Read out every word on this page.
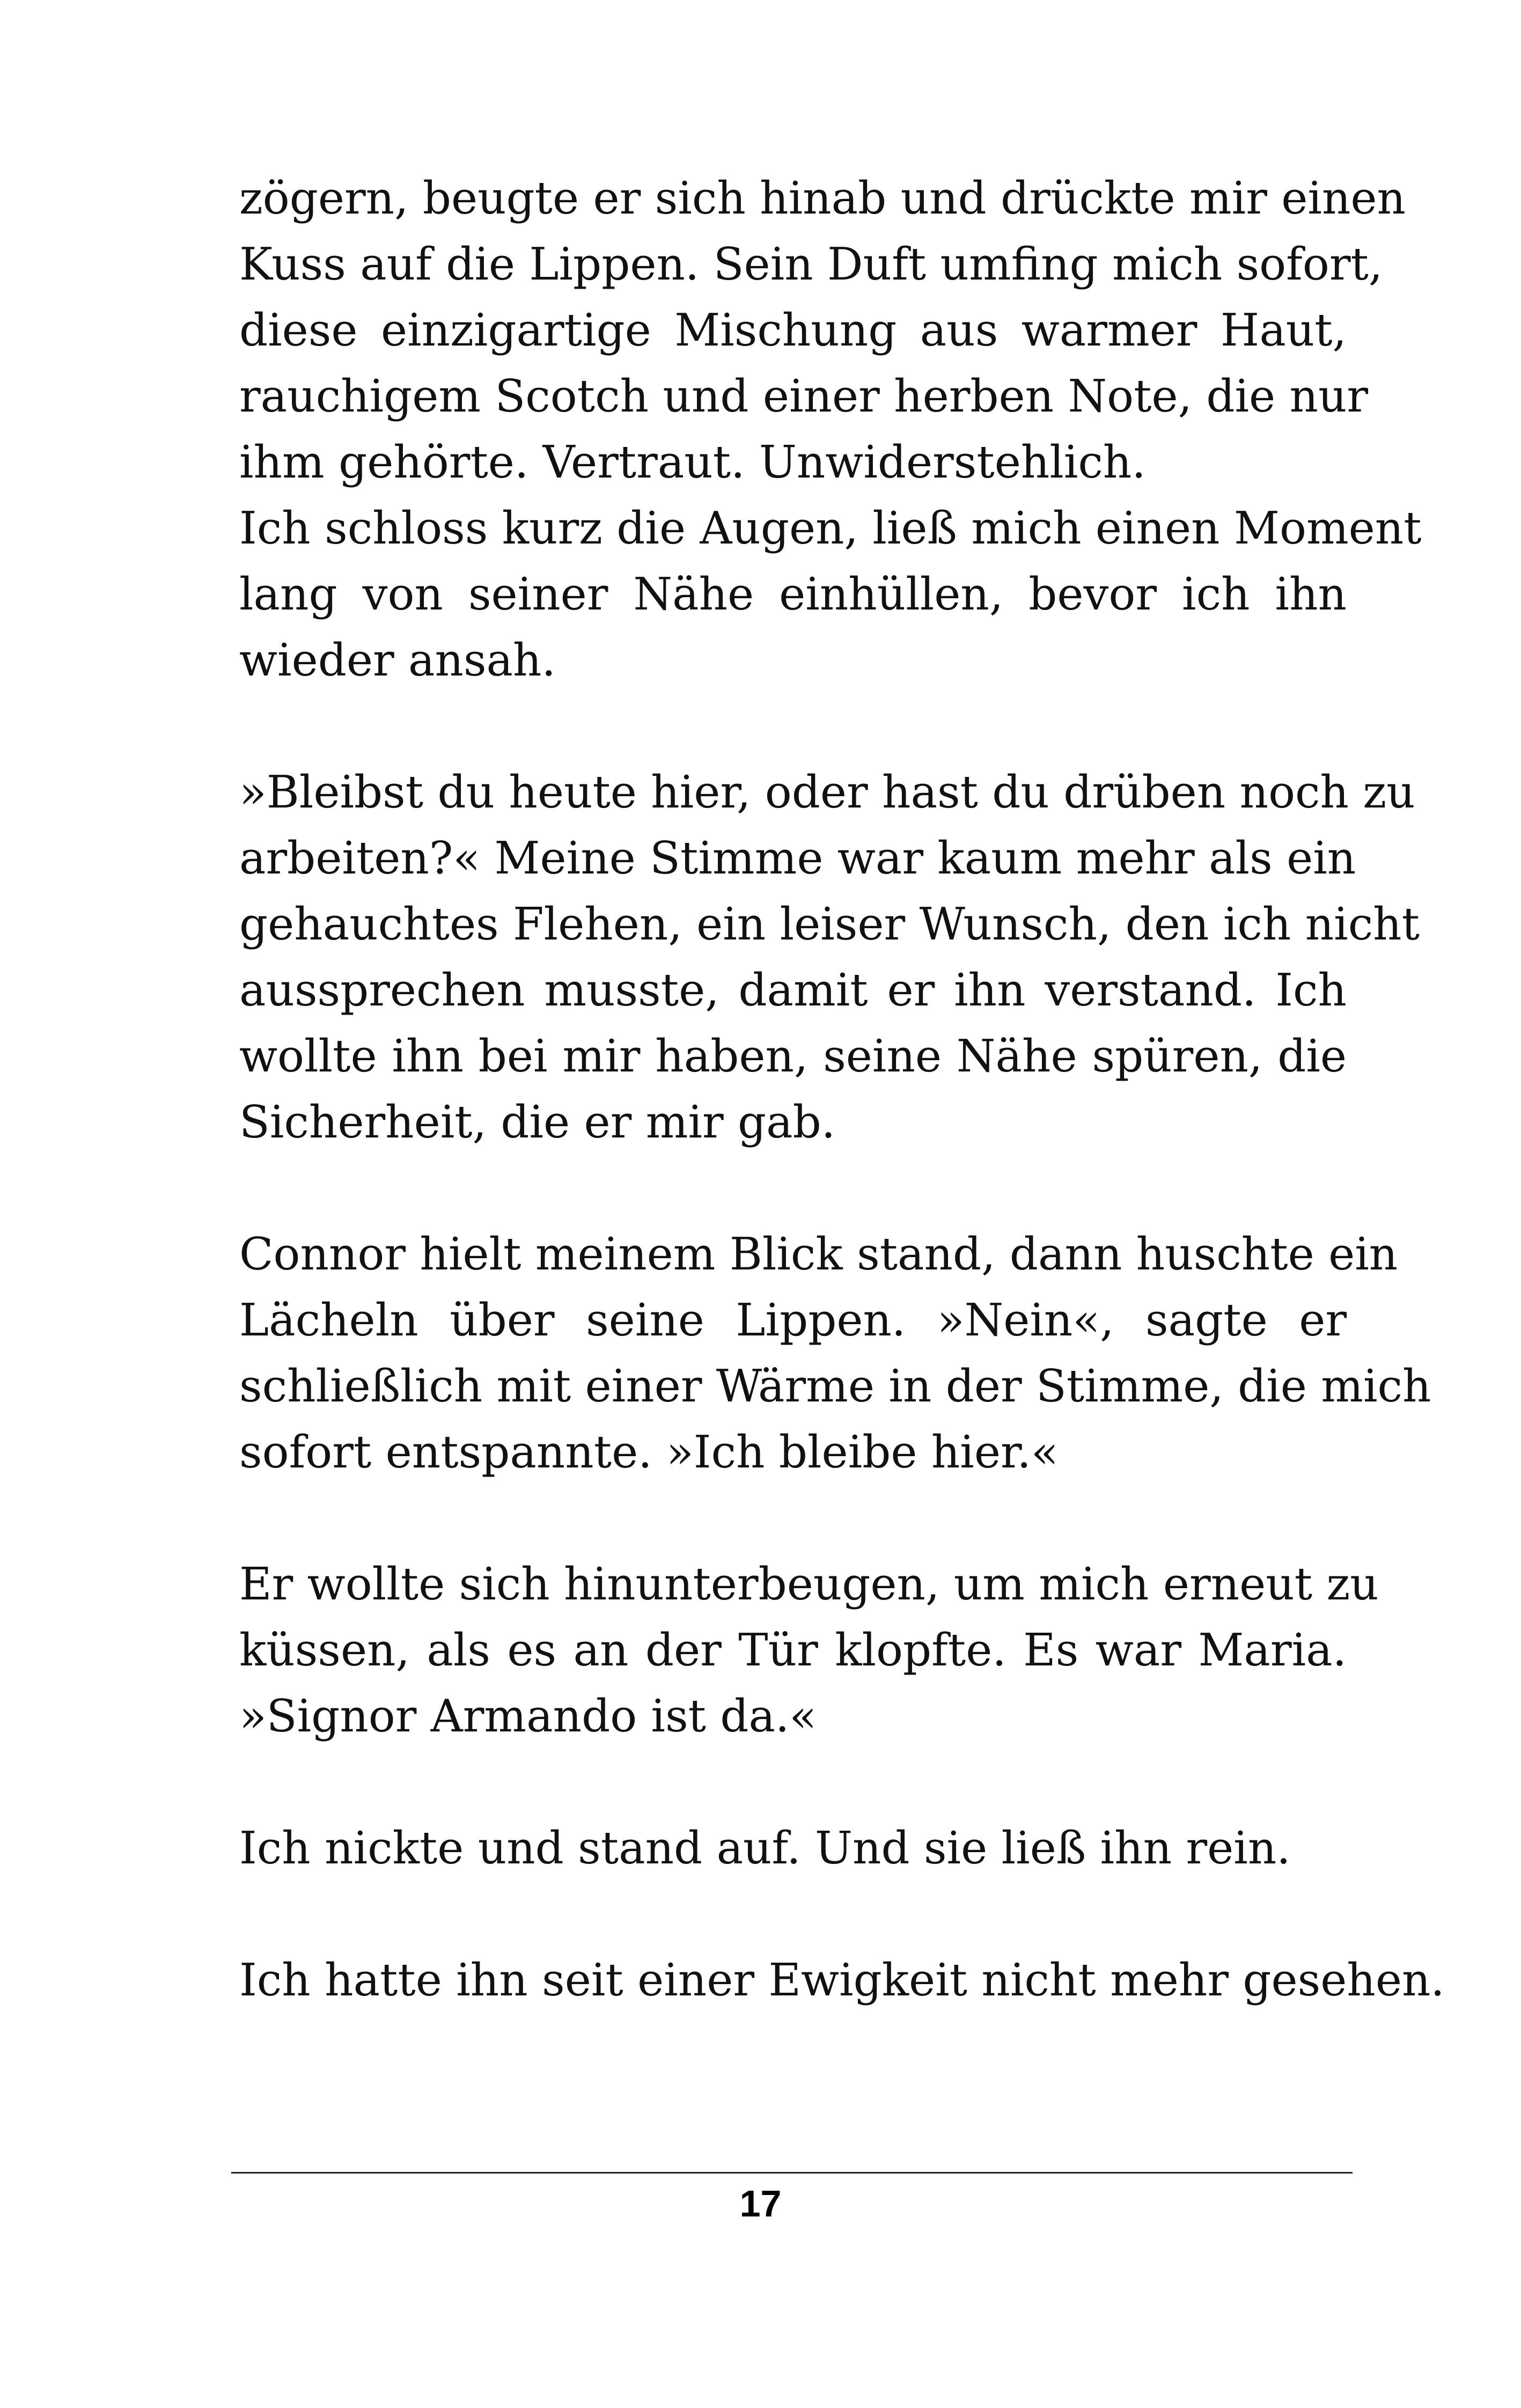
zögern, beugte er sich hinab und drückte mir einen
Kuss auf die Lippen. Sein Duft umfing mich sofort,
diese einzigartige Mischung aus warmer Haut,
rauchigem Scotch und einer herben Note, die nur
ihm gehörte. Vertraut. Unwiderstehlich.

Ich schloss kurz die Augen, ließ mich einen Moment
lang von seiner Nähe einhüllen, bevor ich ihn
wieder ansah.

»Bleibst du heute hier, oder hast du drüben noch zu
arbeiten?« Meine Stimme war kaum mehr als ein
gehauchtes Flehen, ein leiser Wunsch, den ich nicht
aussprechen musste, damit er ihn verstand. Ich
wollte ihn bei mir haben, seine Nähe spüren, die
Sicherheit, die er mir gab.

Connor hielt meinem Blick stand, dann huschte ein
Lächeln über seine Lippen. »Nein«, sagte er
schließlich mit einer Wärme in der Stimme, die mich
sofort entspannte. »Ich bleibe hier.«

Er wollte sich hinunterbeugen, um mich erneut zu
küssen, als es an der Tür klopfte. Es war Maria.
»Signor Armando ist da.«

Ich nickte und stand auf. Und sie ließ ihn rein.

Ich hatte ihn seit einer Ewigkeit nicht mehr gesehen.

17
